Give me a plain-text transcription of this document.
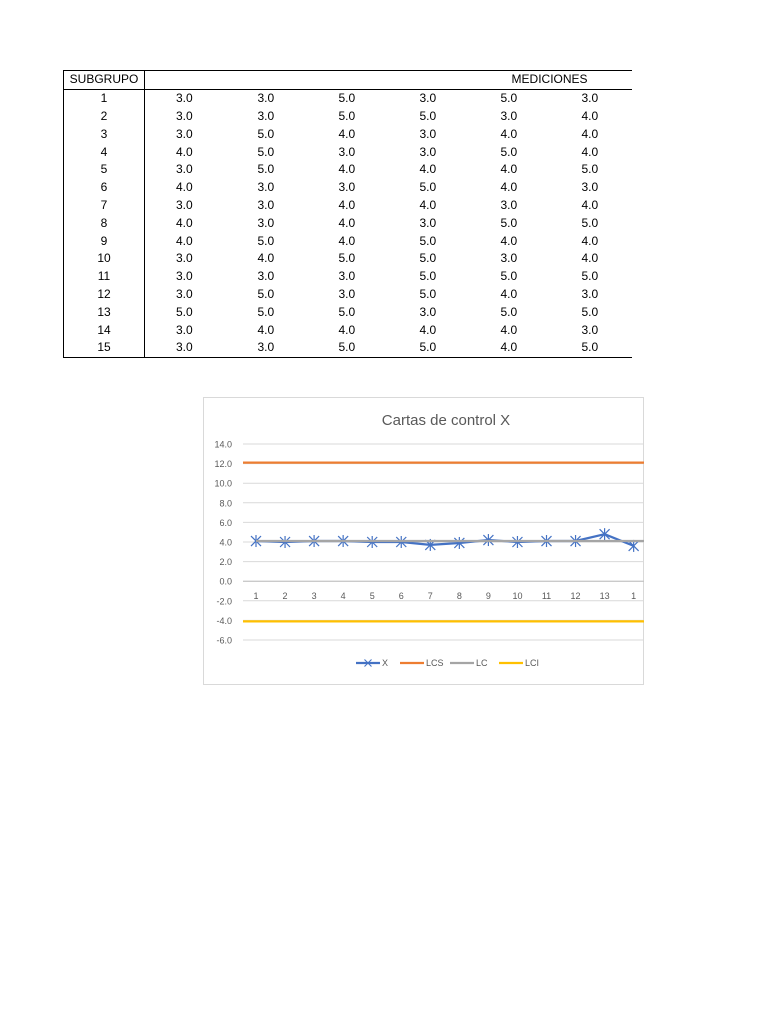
SUBGRUPO	MEDICIONES					
1	3.0	3.0	5.0	3.0	5.0	3.0
2	3.0	3.0	5.0	5.0	3.0	4.0
3	3.0	5.0	4.0	3.0	4.0	4.0
4	4.0	5.0	3.0	3.0	5.0	4.0
5	3.0	5.0	4.0	4.0	4.0	5.0
6	4.0	3.0	3.0	5.0	4.0	3.0
7	3.0	3.0	4.0	4.0	3.0	4.0
8	4.0	3.0	4.0	3.0	5.0	5.0
9	4.0	5.0	4.0	5.0	4.0	4.0
10	3.0	4.0	5.0	5.0	3.0	4.0
11	3.0	3.0	3.0	5.0	5.0	5.0
12	3.0	5.0	3.0	5.0	4.0	3.0
13	5.0	5.0	5.0	3.0	5.0	5.0
14	3.0	4.0	4.0	4.0	4.0	3.0
15	3.0	3.0	5.0	5.0	4.0	5.0
Cartas de control X
14.0
12.0
10.0
8.0
6.0
4.0
2.0
0.0
-2.0
-4.0
-6.0
1	2	3	4	5	6	7	8	9 10 11 12 13 1
X	LCS	LC	LCI
